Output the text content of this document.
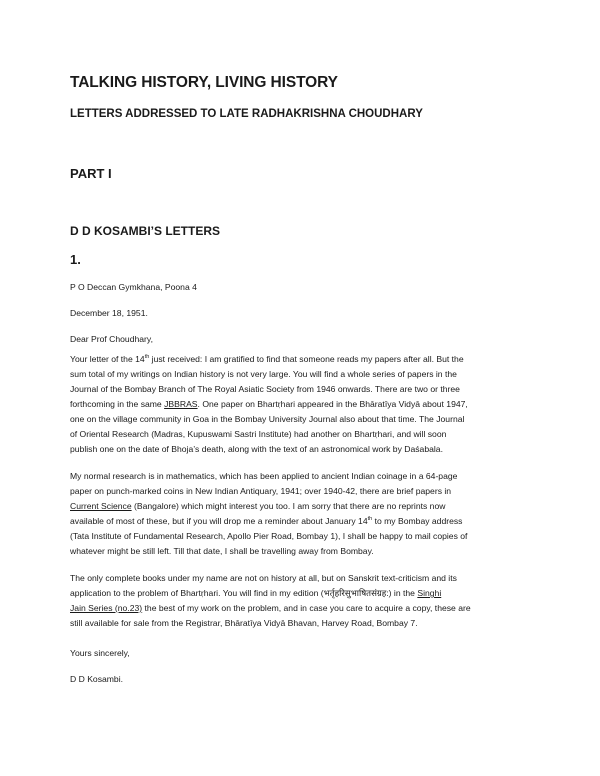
TALKING HISTORY, LIVING HISTORY
LETTERS ADDRESSED TO LATE RADHAKRISHNA CHOUDHARY
PART I
D D KOSAMBI’S LETTERS
1.
P O Deccan Gymkhana, Poona 4
December 18, 1951.
Dear Prof Choudhary,
Your letter of the 14th just received: I am gratified to find that someone reads my papers after all. But the
sum total of my writings on Indian history is not very large. You will find a whole series of papers in the
Journal of the Bombay Branch of The Royal Asiatic Society from 1946 onwards. There are two or three
forthcoming in the same JBBRAS. One paper on Bhartṛhari appeared in the Bhāratīya Vidyā about 1947,
one on the village community in Goa in the Bombay University Journal also about that time. The Journal
of Oriental Research (Madras, Kupuswami Sastri Institute) had another on Bhartṛhari, and will soon
publish one on the date of Bhoja’s death, along with the text of an astronomical work by Daśabala.
My normal research is in mathematics, which has been applied to ancient Indian coinage in a 64-page
paper on punch-marked coins in New Indian Antiquary, 1941; over 1940-42, there are brief papers in
Current Science (Bangalore) which might interest you too. I am sorry that there are no reprints now
available of most of these, but if you will drop me a reminder about January 14th to my Bombay address
(Tata Institute of Fundamental Research, Apollo Pier Road, Bombay 1), I shall be happy to mail copies of
whatever might be still left. Till that date, I shall be travelling away from Bombay.
The only complete books under my name are not on history at all, but on Sanskrit text-criticism and its
application to the problem of Bhartṛhari. You will find in my edition (भर्तृहरिसुभाषितसंग्रह:) in the Singhi
Jain Series (no.23) the best of my work on the problem, and in case you care to acquire a copy, these are
still available for sale from the Registrar, Bhāratīya Vidyā Bhavan, Harvey Road, Bombay 7.
Yours sincerely,
D D Kosambi.
